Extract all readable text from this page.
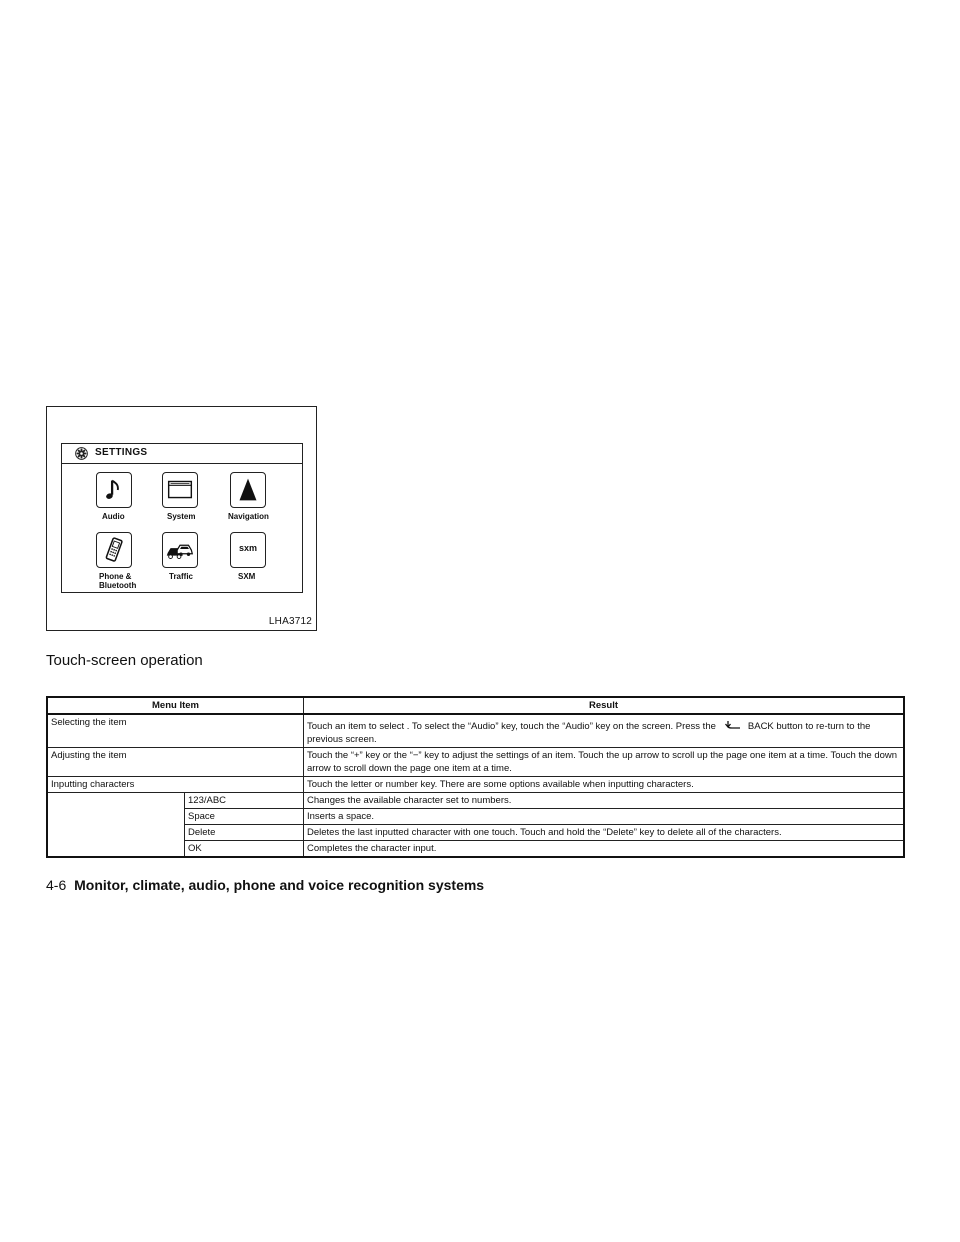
SETTINGS
Audio	System	Navigation
Phone &
Bluetooth
Traffic
sxm
SXM
LHA3712
Touch-screen operation
Menu Item		Result
Selecting the item		Touch an item to select . To select the “Audio” key, touch the “Audio” key on the screen. Press the BACK button to re-turn to the previous screen.

Adjusting the item		Touch the “+” key or the “−” key to adjust the settings of an item. Touch the up arrow to scroll up the page one item at a time. Touch the down arrow to scroll down the page one item at a time.
Inputting characters		Touch the letter or number key. There are some options available when inputting characters.
	123/ABC	Changes the available character set to numbers.
	Space	Inserts a space.
	Delete	Deletes the last inputted character with one touch. Touch and hold the “Delete” key to delete all of the characters.
	OK	Completes the character input.
4-6 Monitor, climate, audio, phone and voice recognition systems
